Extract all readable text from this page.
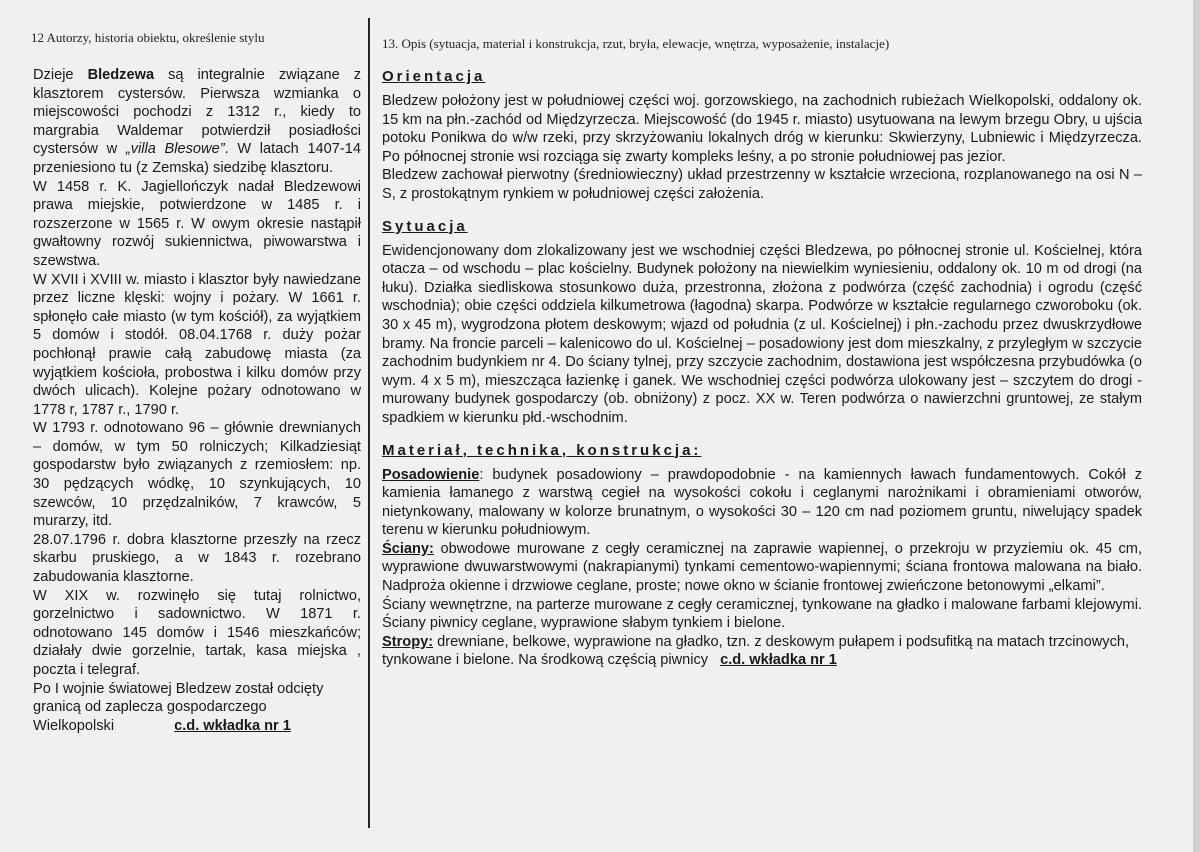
12 Autorzy, historia obiektu, określenie stylu

Dzieje Bledzewa są integralnie związane z klasztorem cystersów. Pierwsza wzmianka o miejscowości pochodzi z 1312 r., kiedy to margrabia Waldemar potwierdził posiadłości cystersów w „villa Blesowe”. W latach 1407-14 przeniesiono tu (z Zemska) siedzibę klasztoru.

W 1458 r. K. Jagiellończyk nadał Bledzewowi prawa miejskie, potwierdzone w 1485 r. i rozszerzone w 1565 r. W owym okresie nastąpił gwałtowny rozwój sukiennictwa, piwowarstwa i szewstwa.

W XVII i XVIII w. miasto i klasztor były nawiedzane przez liczne klęski: wojny i pożary. W 1661 r. spłonęło całe miasto (w tym kościół), za wyjątkiem 5 domów i stodół. 08.04.1768 r. duży pożar pochłonął prawie całą zabudowę miasta (za wyjątkiem kościoła, probostwa i kilku domów przy dwóch ulicach). Kolejne pożary odnotowano w 1778 r, 1787 r., 1790 r.

W 1793 r. odnotowano 96 – głównie drewnianych – domów, w tym 50 rolniczych; Kilkadziesiąt gospodarstw było związanych z rzemiosłem: np. 30 pędzących wódkę, 10 szynkujących, 10 szewców, 10 przędzalników, 7 krawców, 5 murarzy, itd.

28.07.1796 r. dobra klasztorne przeszły na rzecz skarbu pruskiego, a w 1843 r. rozebrano zabudowania klasztorne.

W XIX w. rozwinęło się tutaj rolnictwo, gorzelnictwo i sadownictwo. W 1871 r. odnotowano 145 domów i 1546 mieszkańców; działały dwie gorzelnie, tartak, kasa miejska , poczta i telegraf.

Po I wojnie światowej Bledzew został odcięty granicą od zaplecza gospodarczego Wielkopolski	c.d. wkładka nr 1

13. Opis (sytuacja, material i konstrukcja, rzut, bryła, elewacje, wnętrza, wyposażenie, instalacje)
Orientacja

Bledzew położony jest w południowej części woj. gorzowskiego, na zachodnich rubieżach Wielkopolski, oddalony ok. 15 km na płn.-zachód od Międzyrzecza. Miejscowość (do 1945 r. miasto) usytuowana na lewym brzegu Obry, u ujścia potoku Ponikwa do w/w rzeki, przy skrzyżowaniu lokalnych dróg w kierunku: Skwierzyny, Lubniewic i Międzyrzecza. Po północnej stronie wsi rozciąga się zwarty kompleks leśny, a po stronie południowej pas jezior.

Bledzew zachował pierwotny (średniowieczny) układ przestrzenny w kształcie wrzeciona, rozplanowanego na osi N – S, z prostokątnym rynkiem w południowej części założenia.

Sytuacja

Ewidencjonowany dom zlokalizowany jest we wschodniej części Bledzewa, po północnej stronie ul. Kościelnej, która otacza – od wschodu – plac kościelny. Budynek położony na niewielkim wyniesieniu, oddalony ok. 10 m od drogi (na łuku). Działka siedliskowa stosunkowo duża, przestronna, złożona z podwórza (część zachodnia) i ogrodu (część wschodnia); obie części oddziela kilkumetrowa (łagodna) skarpa. Podwórze w kształcie regularnego czworoboku (ok. 30 x 45 m), wygrodzona płotem deskowym; wjazd od południa (z ul. Kościelnej) i płn.-zachodu przez dwuskrzydłowe bramy. Na froncie parceli – kalenicowo do ul. Kościelnej – posadowiony jest dom mieszkalny, z przyległym w szczycie zachodnim budynkiem nr 4. Do ściany tylnej, przy szczycie zachodnim, dostawiona jest współczesna przybudówka (o wym. 4 x 5 m), mieszcząca łazienkę i ganek. We wschodniej części podwórza ulokowany jest – szczytem do drogi - murowany budynek gospodarczy (ob. obniżony) z pocz. XX w. Teren podwórza o nawierzchni gruntowej, ze stałym spadkiem w kierunku płd.-wschodnim.

Materiał, technika, konstrukcja:

Posadowienie: budynek posadowiony – prawdopodobnie - na kamiennych ławach fundamentowych. Cokół z kamienia łamanego z warstwą cegieł na wysokości cokołu i ceglanymi narożnikami i obramieniami otworów, nietynkowany, malowany w kolorze brunatnym, o wysokości 30 – 120 cm nad poziomem gruntu, niwelujący spadek terenu w kierunku południowym.

Ściany: obwodowe murowane z cegły ceramicznej na zaprawie wapiennej, o przekroju w przyziemiu ok. 45 cm, wyprawione dwuwarstwowymi (nakrapianymi) tynkami cementowo-wapiennymi; ściana frontowa malowana na biało. Nadproża okienne i drzwiowe ceglane, proste; nowe okno w ścianie frontowej zwieńczone betonowymi „elkami”.

Ściany wewnętrzne, na parterze murowane z cegły ceramicznej, tynkowane na gładko i malowane farbami klejowymi. Ściany piwnicy ceglane, wyprawione słabym tynkiem i bielone.

Stropy: drewniane, belkowe, wyprawione na gładko, tzn. z deskowym pułapem i podsufitką na matach trzcinowych, tynkowane i bielone. Na środkową częścią piwnicy c.d. wkładka nr 1
